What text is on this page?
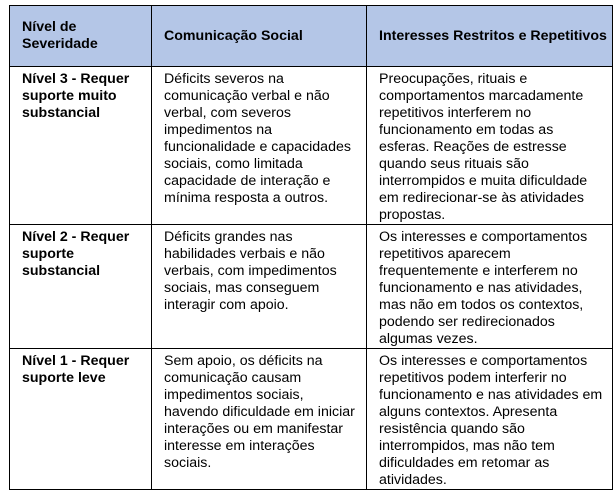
Nível de Severidade	Comunicação Social	Interesses Restritos e Repetitivos
Nível 3 - Requer suporte muito substancial	Déficits severos na comunicação verbal e não verbal, com severos impedimentos na funcionalidade e capacidades sociais, como limitada capacidade de interação e mínima resposta a outros.	Preocupações, rituais e comportamentos marcadamente repetitivos interferem no funcionamento em todas as esferas. Reações de estresse quando seus rituais são interrompidos e muita dificuldade em redirecionar-se às atividades propostas.
Nível 2 - Requer suporte substancial	Déficits grandes nas habilidades verbais e não verbais, com impedimentos sociais, mas conseguem interagir com apoio.	Os interesses e comportamentos repetitivos aparecem frequentemente e interferem no funcionamento e nas atividades, mas não em todos os contextos, podendo ser redirecionados algumas vezes.
Nível 1 - Requer suporte leve	Sem apoio, os déficits na comunicação causam impedimentos sociais, havendo dificuldade em iniciar interações ou em manifestar interesse em interações sociais.	Os interesses e comportamentos repetitivos podem interferir no funcionamento e nas atividades em alguns contextos. Apresenta resistência quando são interrompidos, mas não tem dificuldades em retomar as atividades.
